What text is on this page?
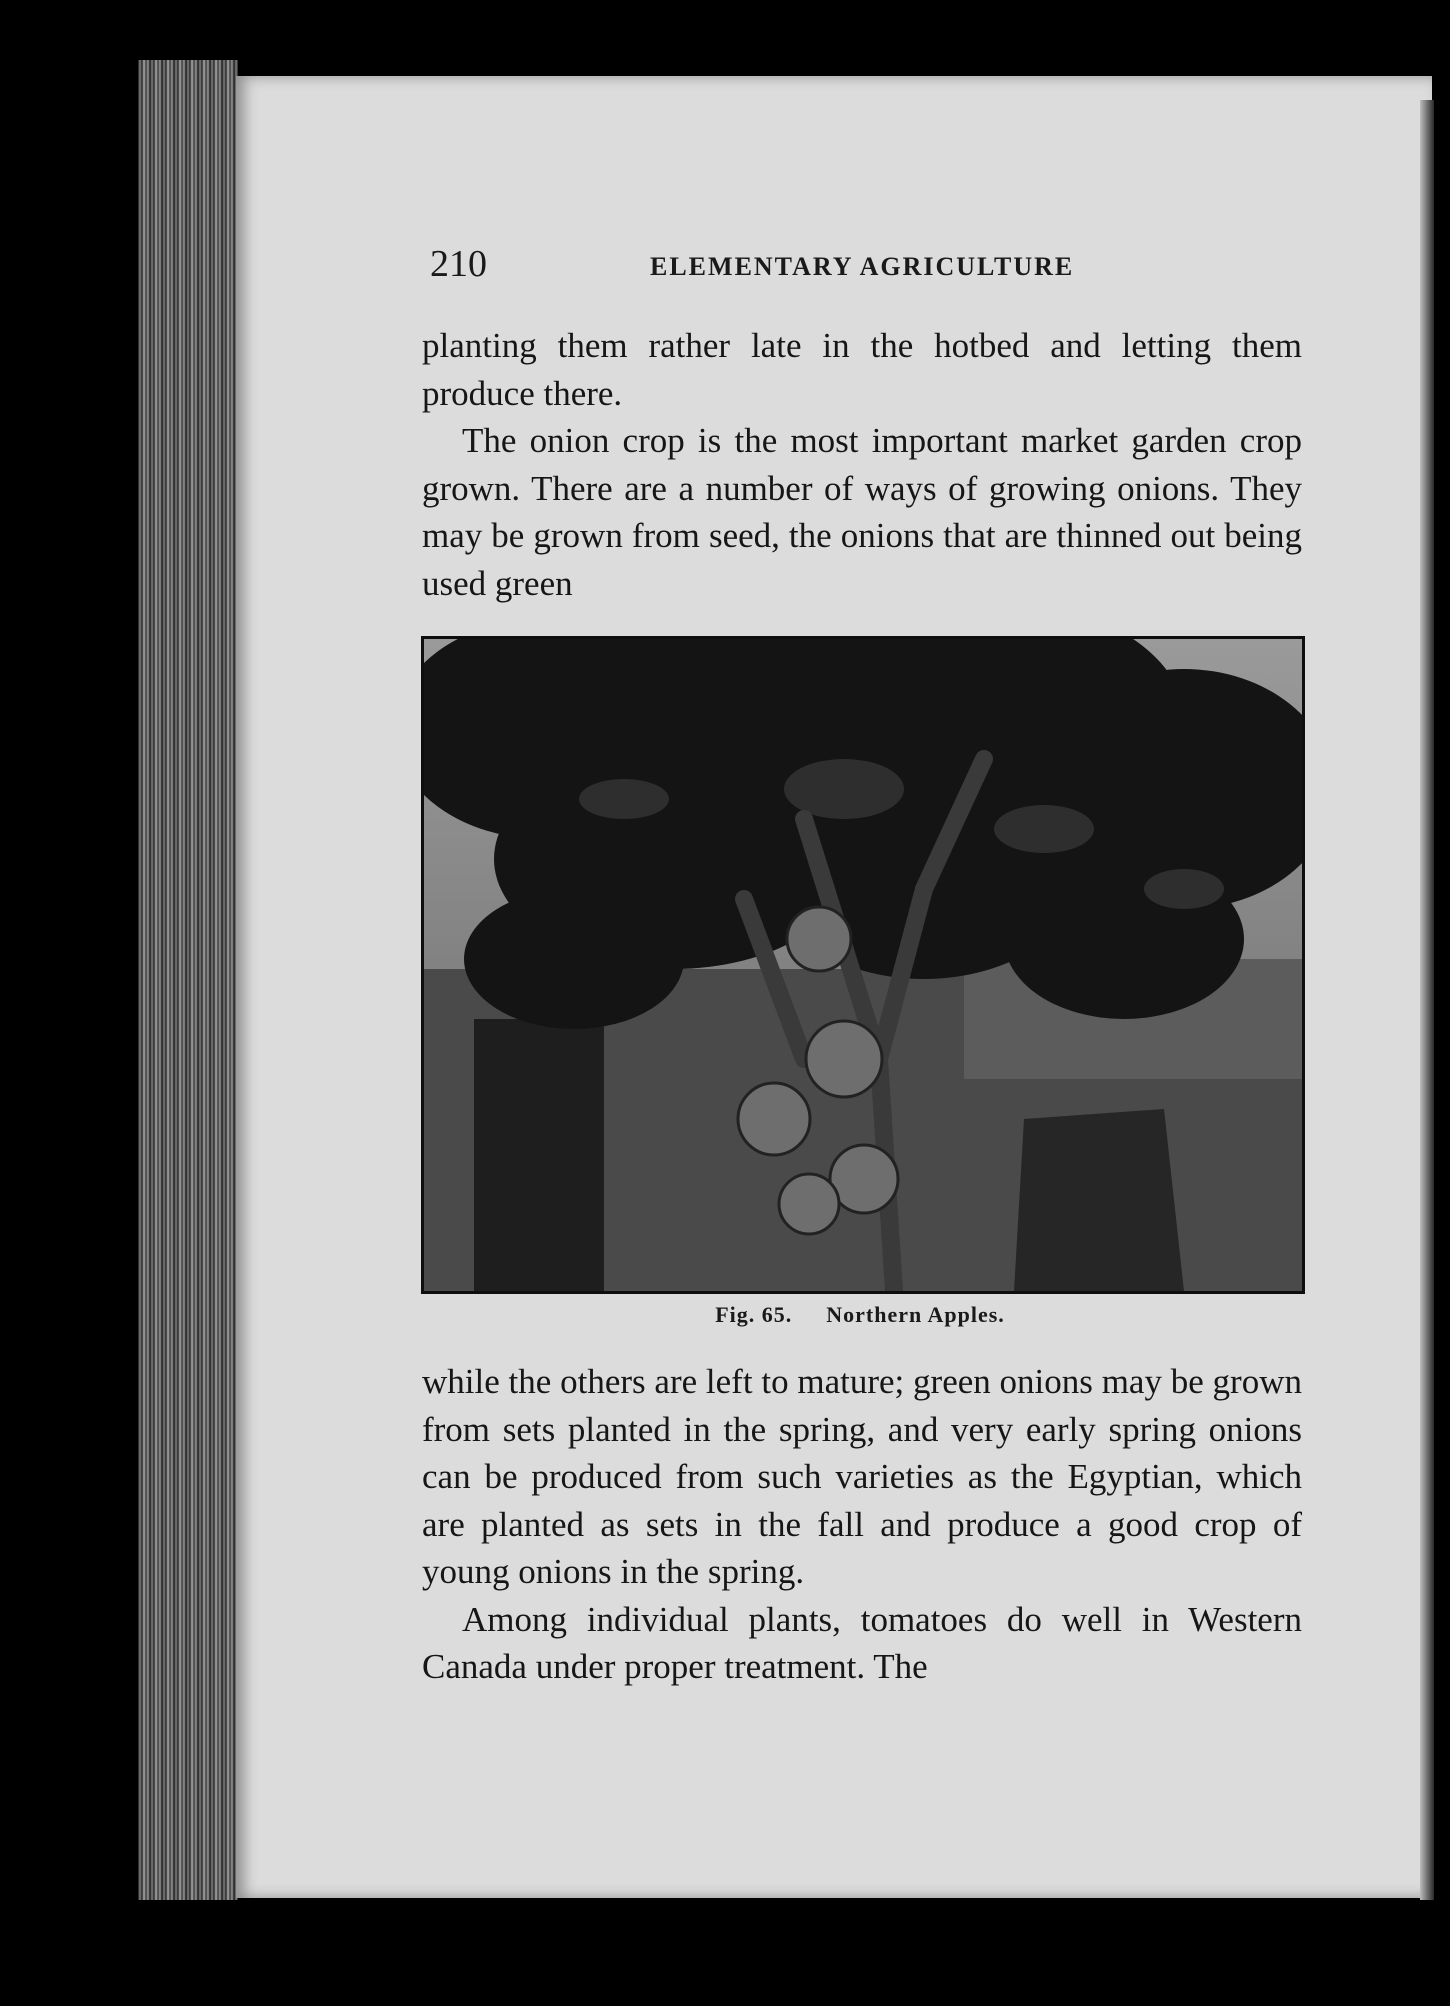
210	ELEMENTARY AGRICULTURE

planting them rather late in the hotbed and letting them produce there.

The onion crop is the most important market garden crop grown. There are a number of ways of growing onions. They may be grown from seed, the onions that are thinned out being used green

Fig. 65. Northern Apples.

while the others are left to mature; green onions may be grown from sets planted in the spring, and very early spring onions can be produced from such varieties as the Egyptian, which are planted as sets in the fall and produce a good crop of young onions in the spring.

Among individual plants, tomatoes do well in Western Canada under proper treatment. The
